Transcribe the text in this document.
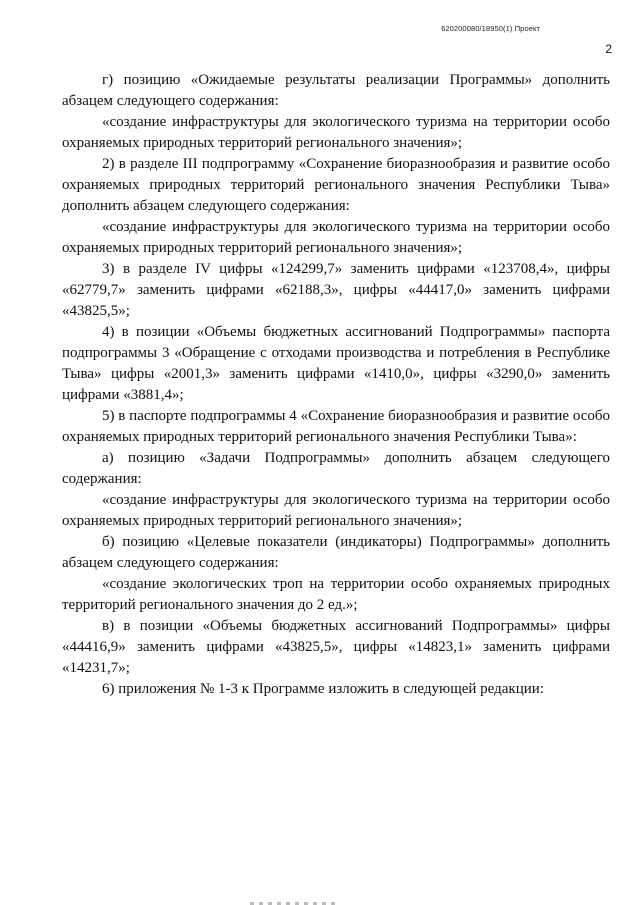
620200080/18950(1) Проект
2

г) позицию «Ожидаемые результаты реализации Программы» дополнить абзацем следующего содержания:

«создание инфраструктуры для экологического туризма на территории особо охраняемых природных территорий регионального значения»;

2) в разделе III подпрограмму «Сохранение биоразнообразия и развитие особо охраняемых природных территорий регионального значения Республики Тыва» дополнить абзацем следующего содержания:

«создание инфраструктуры для экологического туризма на территории особо охраняемых природных территорий регионального значения»;

3) в разделе IV цифры «124299,7» заменить цифрами «123708,4», цифры «62779,7» заменить цифрами «62188,3», цифры «44417,0» заменить цифрами «43825,5»;

4) в позиции «Объемы бюджетных ассигнований Подпрограммы» паспорта подпрограммы 3 «Обращение с отходами производства и потребления в Республике Тыва» цифры «2001,3» заменить цифрами «1410,0», цифры «3290,0» заменить цифрами «3881,4»;

5) в паспорте подпрограммы 4 «Сохранение биоразнообразия и развитие особо охраняемых природных территорий регионального значения Республики Тыва»:

а) позицию «Задачи Подпрограммы» дополнить абзацем следующего содержания:

«создание инфраструктуры для экологического туризма на территории особо охраняемых природных территорий регионального значения»;

б) позицию «Целевые показатели (индикаторы) Подпрограммы» дополнить абзацем следующего содержания:

«создание экологических троп на территории особо охраняемых природных территорий регионального значения до 2 ед.»;

в) в позиции «Объемы бюджетных ассигнований Подпрограммы» цифры «44416,9» заменить цифрами «43825,5», цифры «14823,1» заменить цифрами «14231,7»;

6) приложения № 1-3 к Программе изложить в следующей редакции:
